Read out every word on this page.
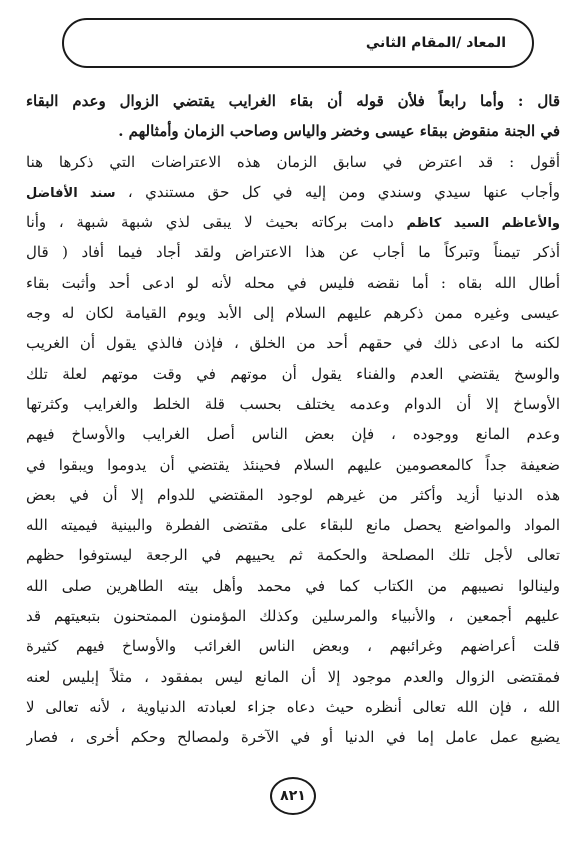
المعاد /المقام الثاني
قال : وأما رابعاً فلأن قوله أن بقاء الغرايب يقتضي الزوال وعدم البقاء
في الجنة منقوض ببقاء عيسى وخضر والياس وصاحب الزمان وأمثالهم .
أقول : قد اعترض في سابق الزمان هذه الاعتراضات التي ذكرها هنا
وأجاب عنها سيدي وسندي ومن إليه في كل حق مستندي ، سند الأفاضل
والأعاظم السيد كاظم دامت بركاته بحيث لا يبقى لذي شبهة شبهة ، وأنا
أذكر تيمناً وتبركاً ما أجاب عن هذا الاعتراض ولقد أجاد فيما أفاد ( قال
أطال الله بقاه : أما نقضه فليس في محله لأنه لو ادعى أحد وأثبت بقاء
عيسى وغيره ممن ذكرهم عليهم السلام إلى الأبد ويوم القيامة لكان له وجه
لكنه ما ادعى ذلك في حقهم أحد من الخلق ، فإذن فالذي يقول أن الغريب
والوسخ يقتضي العدم والفناء يقول أن موتهم في وقت موتهم لعلة تلك
الأوساخ إلا أن الدوام وعدمه يختلف بحسب قلة الخلط والغرايب وكثرتها
وعدم المانع ووجوده ، فإن بعض الناس أصل الغرايب والأوساخ فيهم
ضعيفة جداً كالمعصومين عليهم السلام فحينئذ يقتضي أن يدوموا ويبقوا في
هذه الدنيا أزيد وأكثر من غيرهم لوجود المقتضي للدوام إلا أن في بعض
المواد والمواضع يحصل مانع للبقاء على مقتضى الفطرة والبينية فيميته الله
تعالى لأجل تلك المصلحة والحكمة ثم يحييهم في الرجعة ليستوفوا حظهم
ولينالوا نصيبهم من الكتاب كما في محمد وأهل بيته الطاهرين صلى الله
عليهم أجمعين ، والأنبياء والمرسلين وكذلك المؤمنون الممتحنون بتبعيتهم قد
قلت أعراضهم وغرائبهم ، وبعض الناس الغرائب والأوساخ فيهم كثيرة
فمقتضى الزوال والعدم موجود إلا أن المانع ليس بمفقود ، مثلاً إبليس لعنه
الله ، فإن الله تعالى أنظره حيث دعاه جزاء لعبادته الدنياوية ، لأنه تعالى لا
يضيع عمل عامل إما في الدنيا أو في الآخرة ولمصالح وحكم أخرى ، فصار
٨٢١
